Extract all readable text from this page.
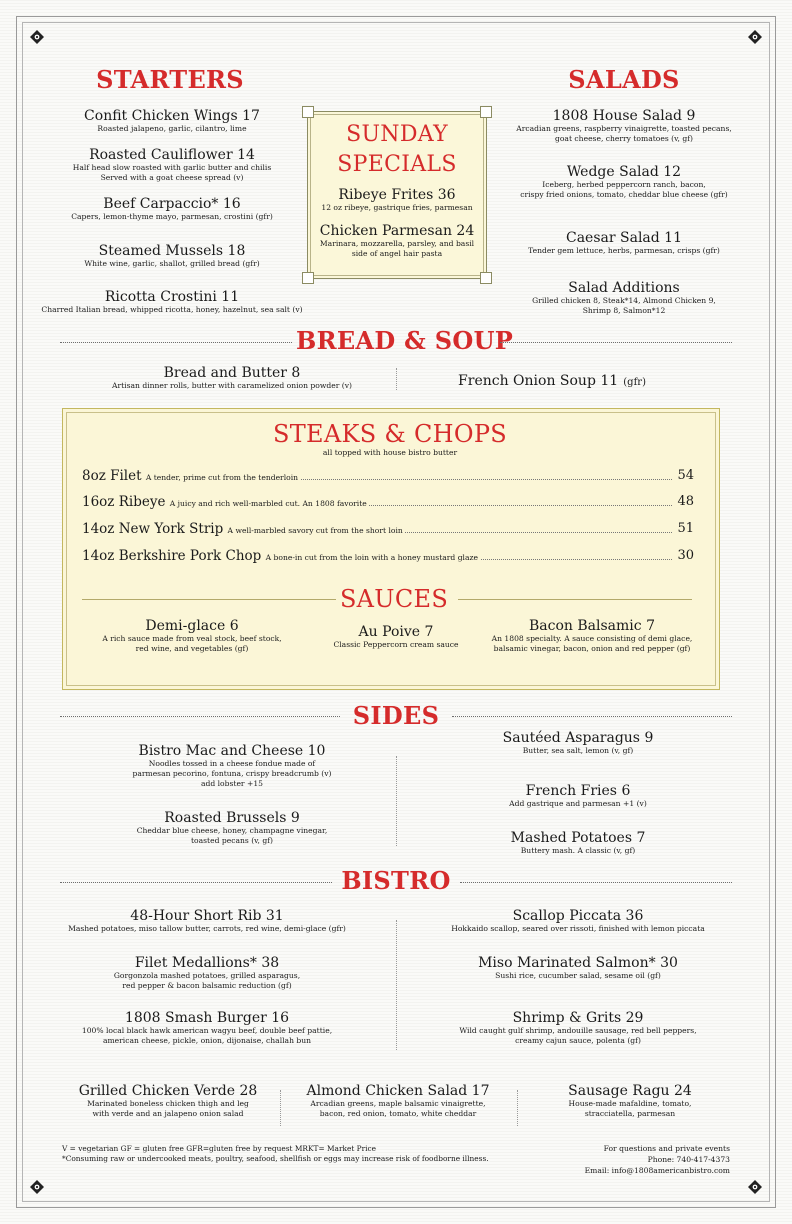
STARTERS
Confit Chicken Wings 17
Roasted jalapeno, garlic, cilantro, lime
Roasted Cauliflower 14
Half head slow roasted with garlic butter and chilis
Served with a goat cheese spread (v)
Beef Carpaccio* 16
Capers, lemon-thyme mayo, parmesan, crostini (gfr)
Steamed Mussels 18
White wine, garlic, shallot, grilled bread (gfr)
Ricotta Crostini 11
Charred Italian bread, whipped ricotta, honey, hazelnut, sea salt (v)
SUNDAY
SPECIALS
Ribeye Frites 36
12 oz ribeye, gastrique fries, parmesan
Chicken Parmesan 24
Marinara, mozzarella, parsley, and basil
side of angel hair pasta
SALADS
1808 House Salad 9
Arcadian greens, raspberry vinaigrette, toasted pecans,
goat cheese, cherry tomatoes (v, gf)
Wedge Salad 12
Iceberg, herbed peppercorn ranch, bacon,
crispy fried onions, tomato, cheddar blue cheese (gfr)
Caesar Salad 11
Tender gem lettuce, herbs, parmesan, crisps (gfr)
Salad Additions
Grilled chicken 8, Steak*14, Almond Chicken 9,
Shrimp 8, Salmon*12
BREAD & SOUP
Bread and Butter 8
Artisan dinner rolls, butter with caramelized onion powder (v)	French Onion Soup 11 (gfr)
STEAKS & CHOPS
all topped with house bistro butter
8oz Filet A tender, prime cut from the tenderloin	54
16oz Ribeye A juicy and rich well-marbled cut. An 1808 favorite	48
14oz New York Strip A well-marbled savory cut from the short loin	51
14oz Berkshire Pork Chop A bone-in cut from the loin with a honey mustard glaze	30
SAUCES
Demi-glace 6
A rich sauce made from veal stock, beef stock,
red wine, and vegetables (gf)
Au Poive 7
Classic Peppercorn cream sauce
Bacon Balsamic 7
An 1808 specialty. A sauce consisting of demi glace,
balsamic vinegar, bacon, onion and red pepper (gf)
SIDES
Bistro Mac and Cheese 10
Noodles tossed in a cheese fondue made of
parmesan pecorino, fontuna, crispy breadcrumb (v)
add lobster +15
Roasted Brussels 9
Cheddar blue cheese, honey, champagne vinegar,
toasted pecans (v, gf)
Sautéed Asparagus 9
Butter, sea salt, lemon (v, gf)
French Fries 6
Add gastrique and parmesan +1 (v)
Mashed Potatoes 7
Buttery mash. A classic (v, gf)
BISTRO
48-Hour Short Rib 31
Mashed potatoes, miso tallow butter, carrots, red wine, demi-glace (gfr)
Filet Medallions* 38
Gorgonzola mashed potatoes, grilled asparagus,
red pepper & bacon balsamic reduction (gf)
1808 Smash Burger 16
100% local black hawk american wagyu beef, double beef pattie,
american cheese, pickle, onion, dijonaise, challah bun
Scallop Piccata 36
Hokkaido scallop, seared over rissoti, finished with lemon piccata
Miso Marinated Salmon* 30
Sushi rice, cucumber salad, sesame oil (gf)
Shrimp & Grits 29
Wild caught gulf shrimp, andouille sausage, red bell peppers,
creamy cajun sauce, polenta (gf)
Grilled Chicken Verde 28
Marinated boneless chicken thigh and leg
with verde and an jalapeno onion salad
Almond Chicken Salad 17
Arcadian greens, maple balsamic vinaigrette,
bacon, red onion, tomato, white cheddar
Sausage Ragu 24
House-made mafaldine, tomato,
stracciatella, parmesan
V = vegetarian GF = gluten free GFR=gluten free by request MRKT= Market Price
*Consuming raw or undercooked meats, poultry, seafood, shellfish or eggs may increase risk of foodborne illness.
For questions and private events
Phone: 740-417-4373
Email: info@1808americanbistro.com
